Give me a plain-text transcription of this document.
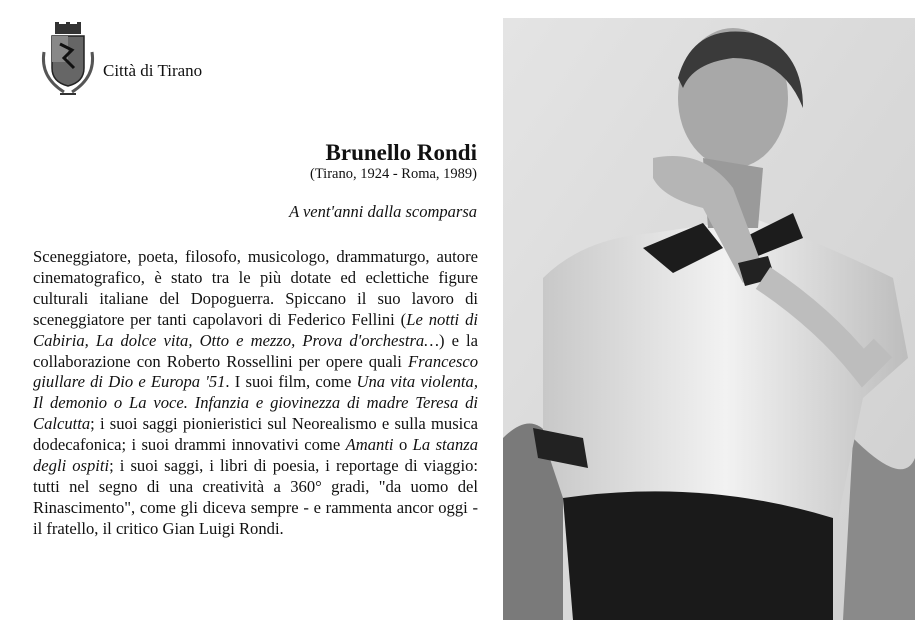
Città di Tirano
Brunello Rondi
(Tirano, 1924 - Roma, 1989)
A vent'anni dalla scomparsa
Sceneggiatore, poeta, filosofo, musicologo, drammaturgo, autore cinematografico, è stato tra le più dotate ed eclettiche figure culturali italiane del Dopoguerra. Spiccano il suo lavoro di sceneggiatore per tanti capolavori di Federico Fellini (Le notti di Cabiria, La dolce vita, Otto e mezzo, Prova d'orchestra…) e la collaborazione con Roberto Rossellini per opere quali Francesco giullare di Dio e Europa '51. I suoi film, come Una vita violenta, Il demonio o La voce. Infanzia e giovinezza di madre Teresa di Calcutta; i suoi saggi pionieristici sul Neorealismo e sulla musica dodecafonica; i suoi drammi innovativi come Amanti o La stanza degli ospiti; i suoi saggi, i libri di poesia, i reportage di viaggio: tutti nel segno di una creatività a 360° gradi, "da uomo del Rinascimento", come gli diceva sempre - e rammenta ancor oggi - il fratello, il critico Gian Luigi Rondi.
